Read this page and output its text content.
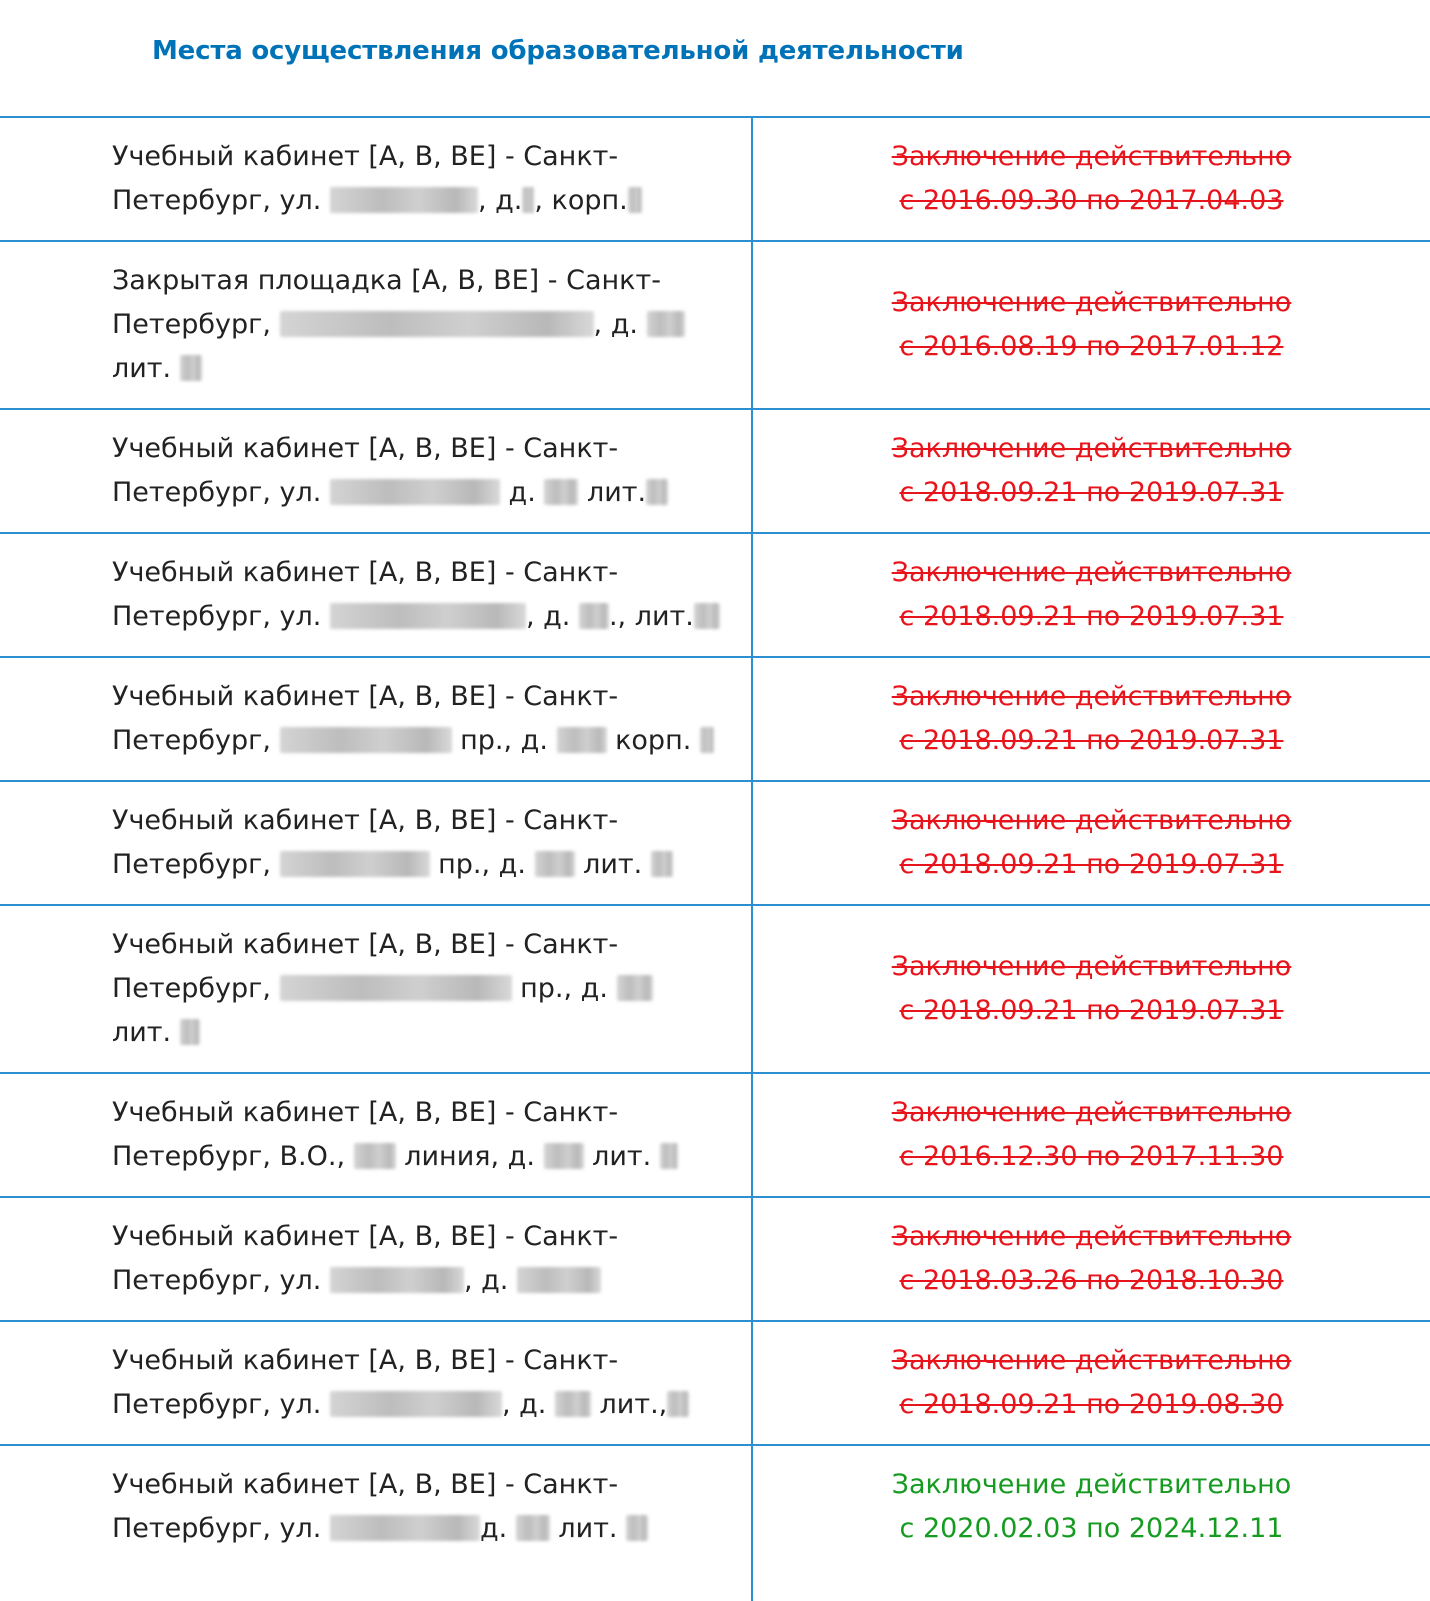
Места осуществления образовательной деятельности
Учебный кабинет [A, B, BE] - Санкт-
Петербург, ул. , д. , корп.	Заключение действительно
с 2016.09.30 по 2017.04.03

Закрытая площадка [A, B, BE] - Санкт-
Петербург, , д.
лит.	Заключение действительно
с 2016.08.19 по 2017.01.12

Учебный кабинет [A, B, BE] - Санкт-
Петербург, ул. д. лит.	Заключение действительно
с 2018.09.21 по 2019.07.31

Учебный кабинет [A, B, BE] - Санкт-
Петербург, ул. , д. ., лит.	Заключение действительно
с 2018.09.21 по 2019.07.31

Учебный кабинет [A, B, BE] - Санкт-
Петербург, пр., д. корп.	Заключение действительно
с 2018.09.21 по 2019.07.31

Учебный кабинет [A, B, BE] - Санкт-
Петербург, пр., д. лит.	Заключение действительно
с 2018.09.21 по 2019.07.31

Учебный кабинет [A, B, BE] - Санкт-
Петербург, пр., д.
лит.	Заключение действительно
с 2018.09.21 по 2019.07.31

Учебный кабинет [A, B, BE] - Санкт-
Петербург, В.О., линия, д. лит.	Заключение действительно
с 2016.12.30 по 2017.11.30

Учебный кабинет [A, B, BE] - Санкт-
Петербург, ул. , д.	Заключение действительно
с 2018.03.26 по 2018.10.30

Учебный кабинет [A, B, BE] - Санкт-
Петербург, ул. , д. лит.,	Заключение действительно
с 2018.09.21 по 2019.08.30

Учебный кабинет [A, B, BE] - Санкт-
Петербург, ул. д. лит.	Заключение действительно
с 2020.02.03 по 2024.12.11
